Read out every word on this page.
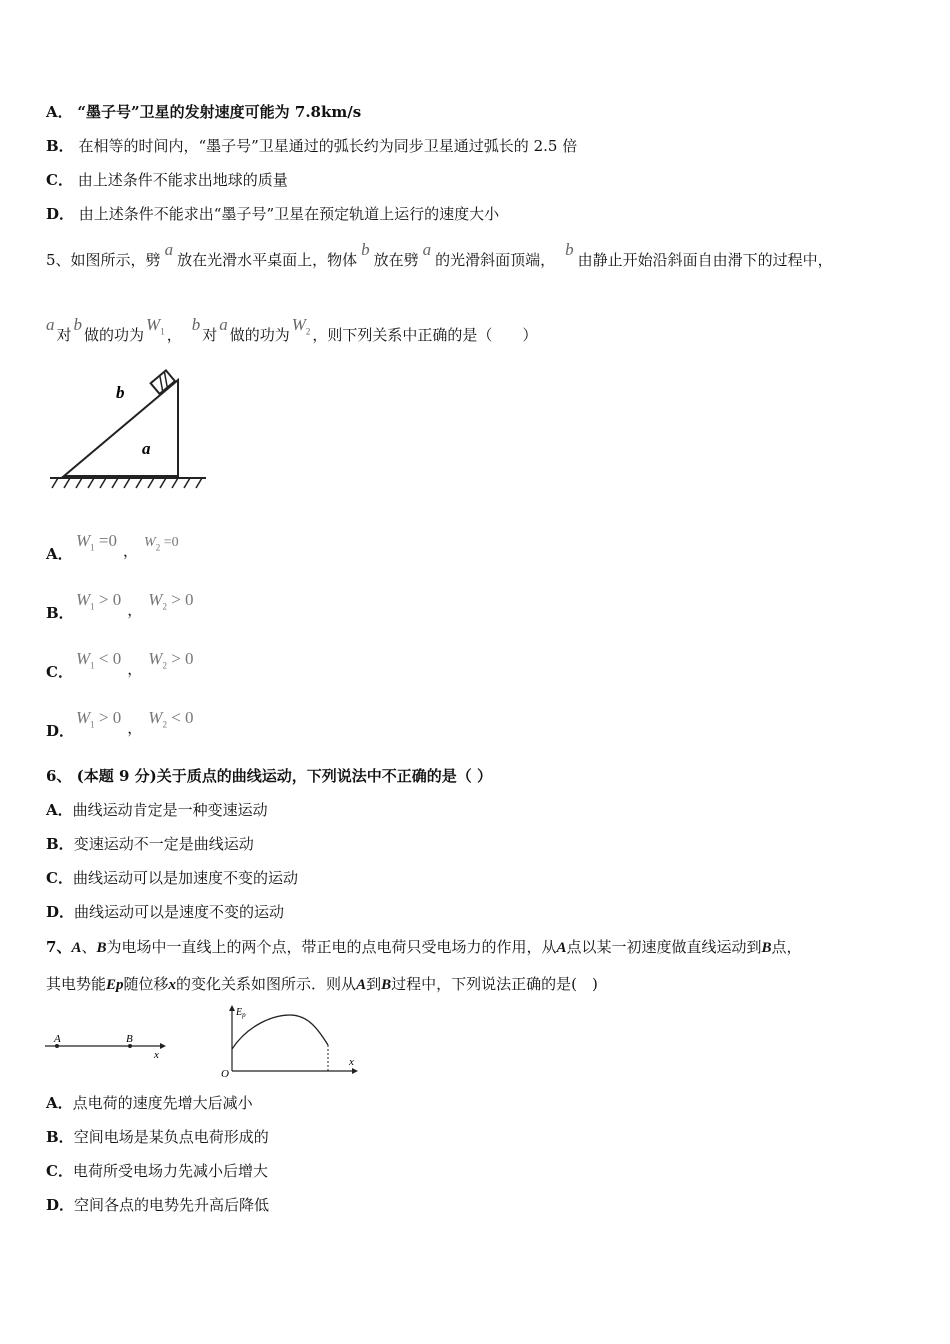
A． “墨子号”卫星的发射速度可能为 7.8km/s
B． 在相等的时间内，“墨子号”卫星通过的弧长约为同步卫星通过弧长的 2.5 倍
C． 由上述条件不能求出地球的质量
D． 由上述条件不能求出“墨子号”卫星在预定轨道上运行的速度大小
5、如图所示，劈a放在光滑水平桌面上，物体b放在劈a的光滑斜面顶端，b由静止开始沿斜面自由滑下的过程中，
a对b做的功为$W_1$ ，b对a做的功为$W_2$ ，则下列关系中正确的是（　　）
b
a
A．
$W_1 =0$，$W_2 =0$
B．
$W_1 > 0$，$W_2 > 0$
C．
$W_1 < 0$，$W_2 > 0$
D．
$W_1 > 0$，$W_2 < 0$
6、 (本题 9 分)关于质点的曲线运动，下列说法中不正确的是（ ）
A．曲线运动肯定是一种变速运动
B．变速运动不一定是曲线运动
C．曲线运动可以是加速度不变的运动
D．曲线运动可以是速度不变的运动
7、A、B为电场中一直线上的两个点，带正电的点电荷只受电场力的作用，从A点以某一初速度做直线运动到B点，
其电势能Ep随位移x的变化关系如图所示．则从A到B过程中，下列说法正确的是(　)
A	B
x
$E_p$
O
x
A．点电荷的速度先增大后减小
B．空间电场是某负点电荷形成的
C．电荷所受电场力先减小后增大
D．空间各点的电势先升高后降低
